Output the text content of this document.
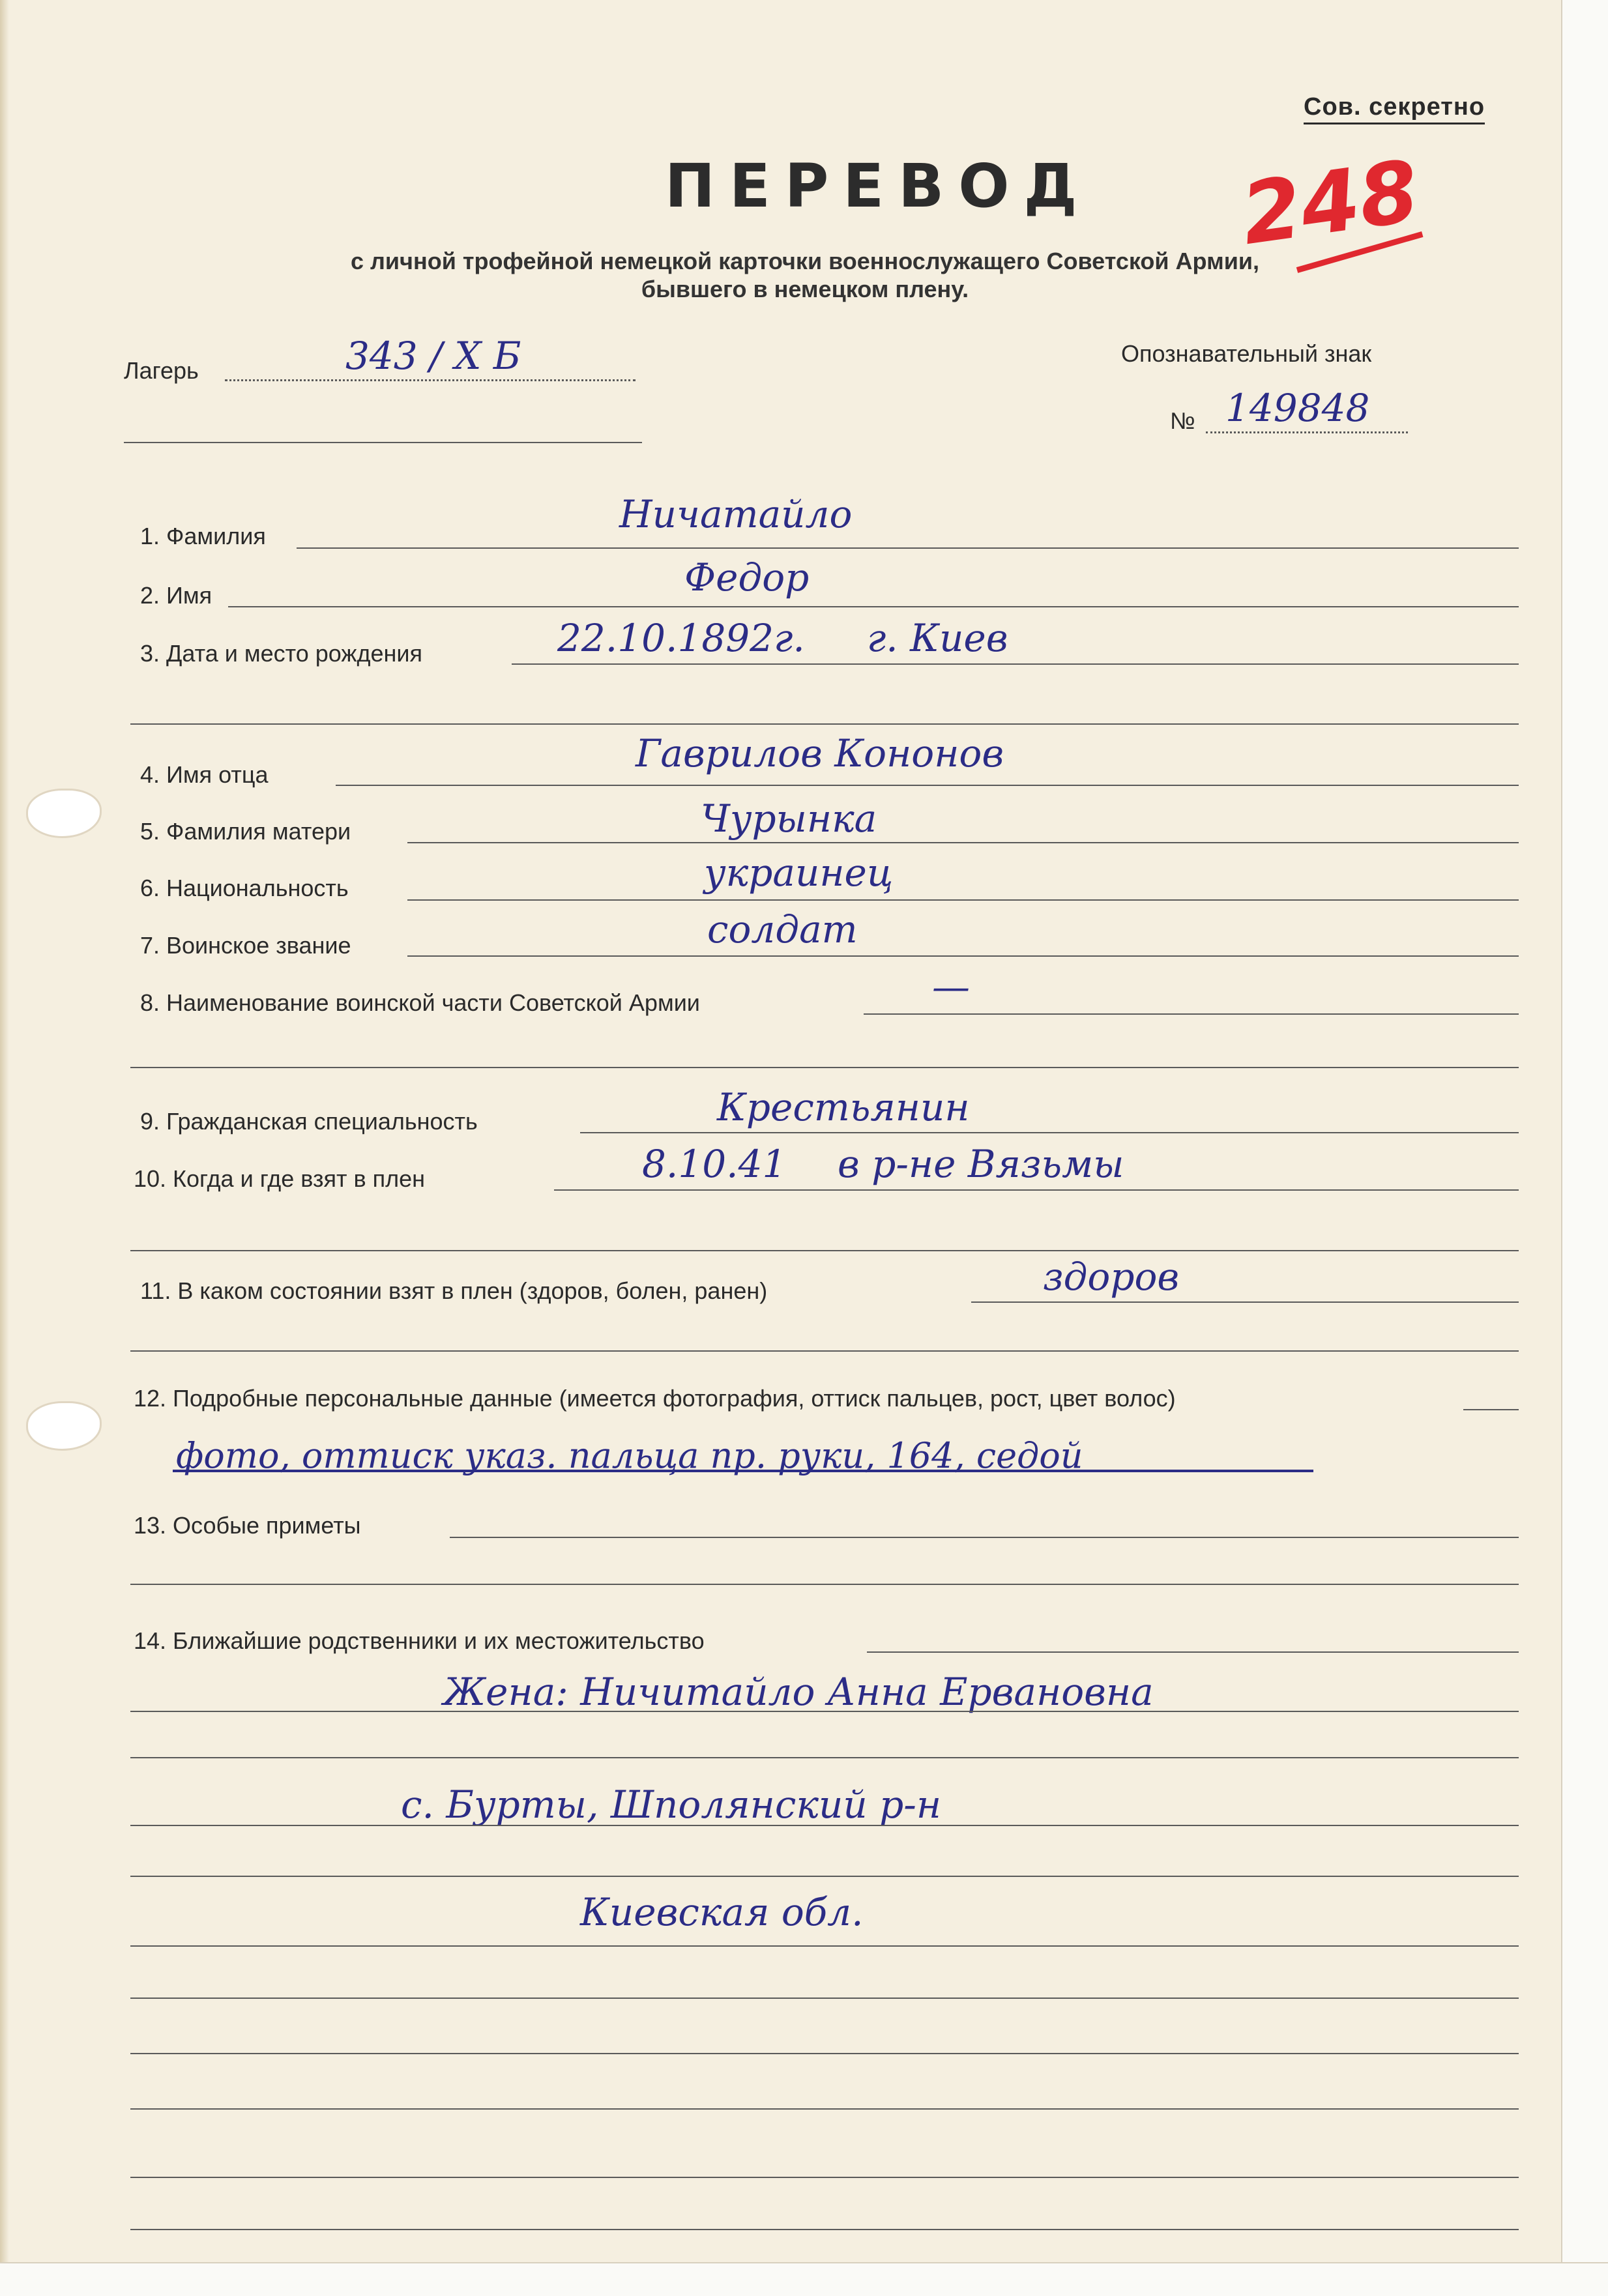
Сов. секретно
248
ПЕРЕВОД
с личной трофейной немецкой карточки военнослужащего Советской Армии,
бывшего в немецком плену.
Лагерь	343 / X Б	Опознавательный знак
№ 149848
1. Фамилия	Ничатайло
2. Имя	Федор
3. Дата и место рождения	22.10.1892г. г. Киев
4. Имя отца	Гаврилов Кононов
5. Фамилия матери	Чурынка
6. Национальность	украинец
7. Воинское звание	солдат
8. Наименование воинской части Советской Армии	—
9. Гражданская специальность	Крестьянин
10. Когда и где взят в плен	8.10.41 в р-не Вязьмы
11. В каком состоянии взят в плен (здоров, болен, ранен)	здоров
12. Подробные персональные данные (имеется фотография, оттиск пальцев, рост, цвет волос)
фото, оттиск указ. пальца пр. руки, 164, седой
13. Особые приметы
14. Ближайшие родственники и их местожительство
Жена: Ничитайло Анна Ервановна
с. Бурты, Шполянский р-н
Киевская обл.
